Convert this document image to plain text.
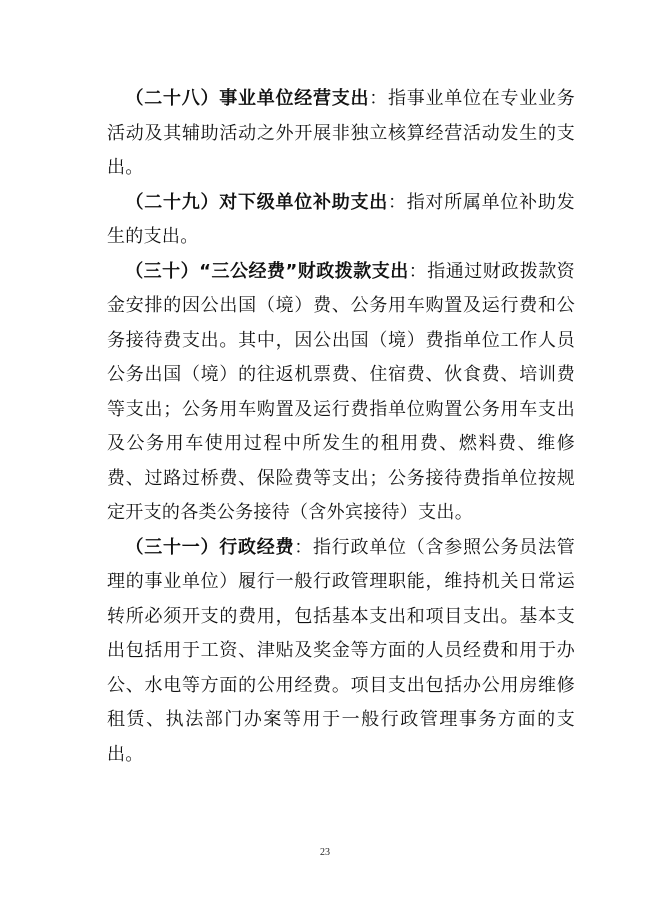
（二十八）事业单位经营支出：指事业单位在专业业务活动及其辅助活动之外开展非独立核算经营活动发生的支出。

（二十九）对下级单位补助支出：指对所属单位补助发生的支出。

（三十）“三公经费”财政拨款支出：指通过财政拨款资金安排的因公出国（境）费、公务用车购置及运行费和公务接待费支出。其中，因公出国（境）费指单位工作人员公务出国（境）的往返机票费、住宿费、伙食费、培训费等支出；公务用车购置及运行费指单位购置公务用车支出及公务用车使用过程中所发生的租用费、燃料费、维修费、过路过桥费、保险费等支出；公务接待费指单位按规定开支的各类公务接待（含外宾接待）支出。

（三十一）行政经费：指行政单位（含参照公务员法管理的事业单位）履行一般行政管理职能，维持机关日常运转所必须开支的费用，包括基本支出和项目支出。基本支出包括用于工资、津贴及奖金等方面的人员经费和用于办公、水电等方面的公用经费。项目支出包括办公用房维修租赁、执法部门办案等用于一般行政管理事务方面的支出。

23
